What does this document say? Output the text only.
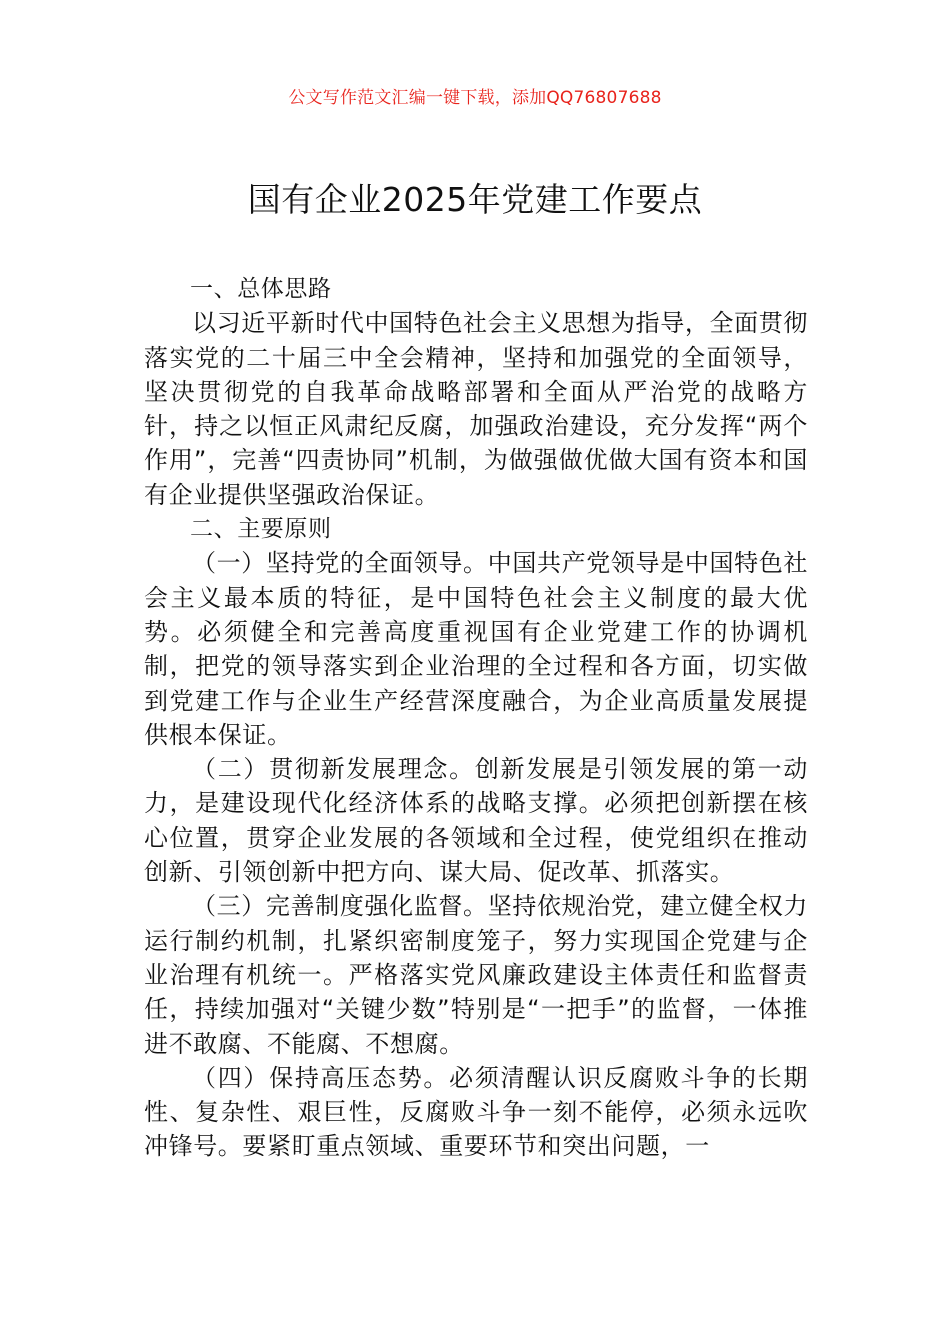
公文写作范文汇编一键下载，添加QQ76807688
国有企业2025年党建工作要点

一、总体思路

以习近平新时代中国特色社会主义思想为指导，全面贯彻落实党的二十届三中全会精神，坚持和加强党的全面领导，坚决贯彻党的自我革命战略部署和全面从严治党的战略方针，持之以恒正风肃纪反腐，加强政治建设，充分发挥“两个作用”，完善“四责协同”机制，为做强做优做大国有资本和国有企业提供坚强政治保证。

二、主要原则

（一）坚持党的全面领导。中国共产党领导是中国特色社会主义最本质的特征，是中国特色社会主义制度的最大优势。必须健全和完善高度重视国有企业党建工作的协调机制，把党的领导落实到企业治理的全过程和各方面，切实做到党建工作与企业生产经营深度融合，为企业高质量发展提供根本保证。

（二）贯彻新发展理念。创新发展是引领发展的第一动力，是建设现代化经济体系的战略支撑。必须把创新摆在核心位置，贯穿企业发展的各领域和全过程，使党组织在推动创新、引领创新中把方向、谋大局、促改革、抓落实。

（三）完善制度强化监督。坚持依规治党，建立健全权力运行制约机制，扎紧织密制度笼子，努力实现国企党建与企业治理有机统一。严格落实党风廉政建设主体责任和监督责任，持续加强对“关键少数”特别是“一把手”的监督，一体推进不敢腐、不能腐、不想腐。

（四）保持高压态势。必须清醒认识反腐败斗争的长期性、复杂性、艰巨性，反腐败斗争一刻不能停，必须永远吹冲锋号。要紧盯重点领域、重要环节和突出问题，一
